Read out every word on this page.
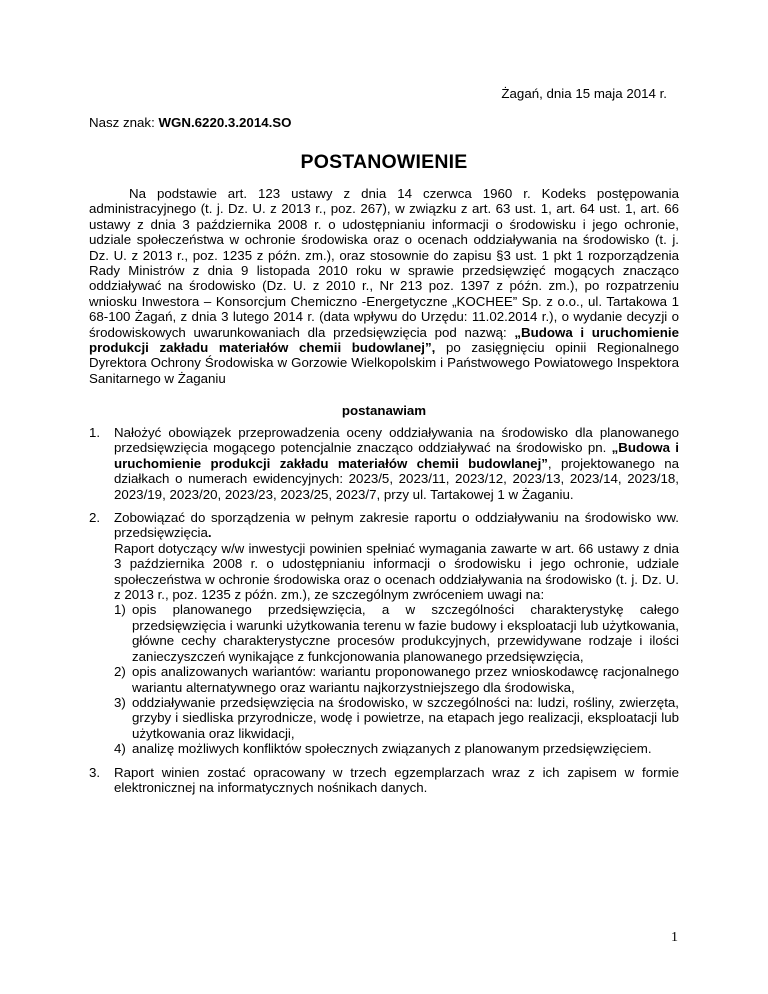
Żagań, dnia 15 maja 2014 r.
Nasz znak: WGN.6220.3.2014.SO
POSTANOWIENIE
Na podstawie art. 123 ustawy z dnia 14 czerwca 1960 r. Kodeks postępowania administracyjnego (t. j. Dz. U. z 2013 r., poz. 267), w związku z art. 63 ust. 1, art. 64 ust. 1, art. 66 ustawy z dnia 3 października 2008 r. o udostępnianiu informacji o środowisku i jego ochronie, udziale społeczeństwa w ochronie środowiska oraz o ocenach oddziaływania na środowisko (t. j. Dz. U. z 2013 r., poz. 1235 z późn. zm.), oraz stosownie do zapisu §3 ust. 1 pkt 1 rozporządzenia Rady Ministrów z dnia 9 listopada 2010 roku w sprawie przedsięwzięć mogących znacząco oddziaływać na środowisko (Dz. U. z 2010 r., Nr 213 poz. 1397 z późn. zm.), po rozpatrzeniu wniosku Inwestora – Konsorcjum Chemiczno -Energetyczne „KOCHEE” Sp. z o.o., ul. Tartakowa 1 68-100 Żagań, z dnia 3 lutego 2014 r. (data wpływu do Urzędu: 11.02.2014 r.), o wydanie decyzji o środowiskowych uwarunkowaniach dla przedsięwzięcia pod nazwą: „Budowa i uruchomienie produkcji zakładu materiałów chemii budowlanej”, po zasięgnięciu opinii Regionalnego Dyrektora Ochrony Środowiska w Gorzowie Wielkopolskim i Państwowego Powiatowego Inspektora Sanitarnego w Żaganiu
postanawiam
1. Nałożyć obowiązek przeprowadzenia oceny oddziaływania na środowisko dla planowanego przedsięwzięcia mogącego potencjalnie znacząco oddziaływać na środowisko pn. „Budowa i uruchomienie produkcji zakładu materiałów chemii budowlanej”, projektowanego na działkach o numerach ewidencyjnych: 2023/5, 2023/11, 2023/12, 2023/13, 2023/14, 2023/18, 2023/19, 2023/20, 2023/23, 2023/25, 2023/7, przy ul. Tartakowej 1 w Żaganiu.
2. Zobowiązać do sporządzenia w pełnym zakresie raportu o oddziaływaniu na środowisko ww. przedsięwzięcia.
Raport dotyczący w/w inwestycji powinien spełniać wymagania zawarte w art. 66 ustawy z dnia 3 października 2008 r. o udostępnianiu informacji o środowisku i jego ochronie, udziale społeczeństwa w ochronie środowiska oraz o ocenach oddziaływania na środowisko (t. j. Dz. U. z 2013 r., poz. 1235 z późn. zm.), ze szczególnym zwróceniem uwagi na:
1) opis planowanego przedsięwzięcia, a w szczególności charakterystykę całego przedsięwzięcia i warunki użytkowania terenu w fazie budowy i eksploatacji lub użytkowania, główne cechy charakterystyczne procesów produkcyjnych, przewidywane rodzaje i ilości zanieczyszczeń wynikające z funkcjonowania planowanego przedsięwzięcia,
2) opis analizowanych wariantów: wariantu proponowanego przez wnioskodawcę racjonalnego wariantu alternatywnego oraz wariantu najkorzystniejszego dla środowiska,
3) oddziaływanie przedsięwzięcia na środowisko, w szczególności na: ludzi, rośliny, zwierzęta, grzyby i siedliska przyrodnicze, wodę i powietrze, na etapach jego realizacji, eksploatacji lub użytkowania oraz likwidacji,
4) analizę możliwych konfliktów społecznych związanych z planowanym przedsięwzięciem.
3. Raport winien zostać opracowany w trzech egzemplarzach wraz z ich zapisem w formie elektronicznej na informatycznych nośnikach danych.
1
